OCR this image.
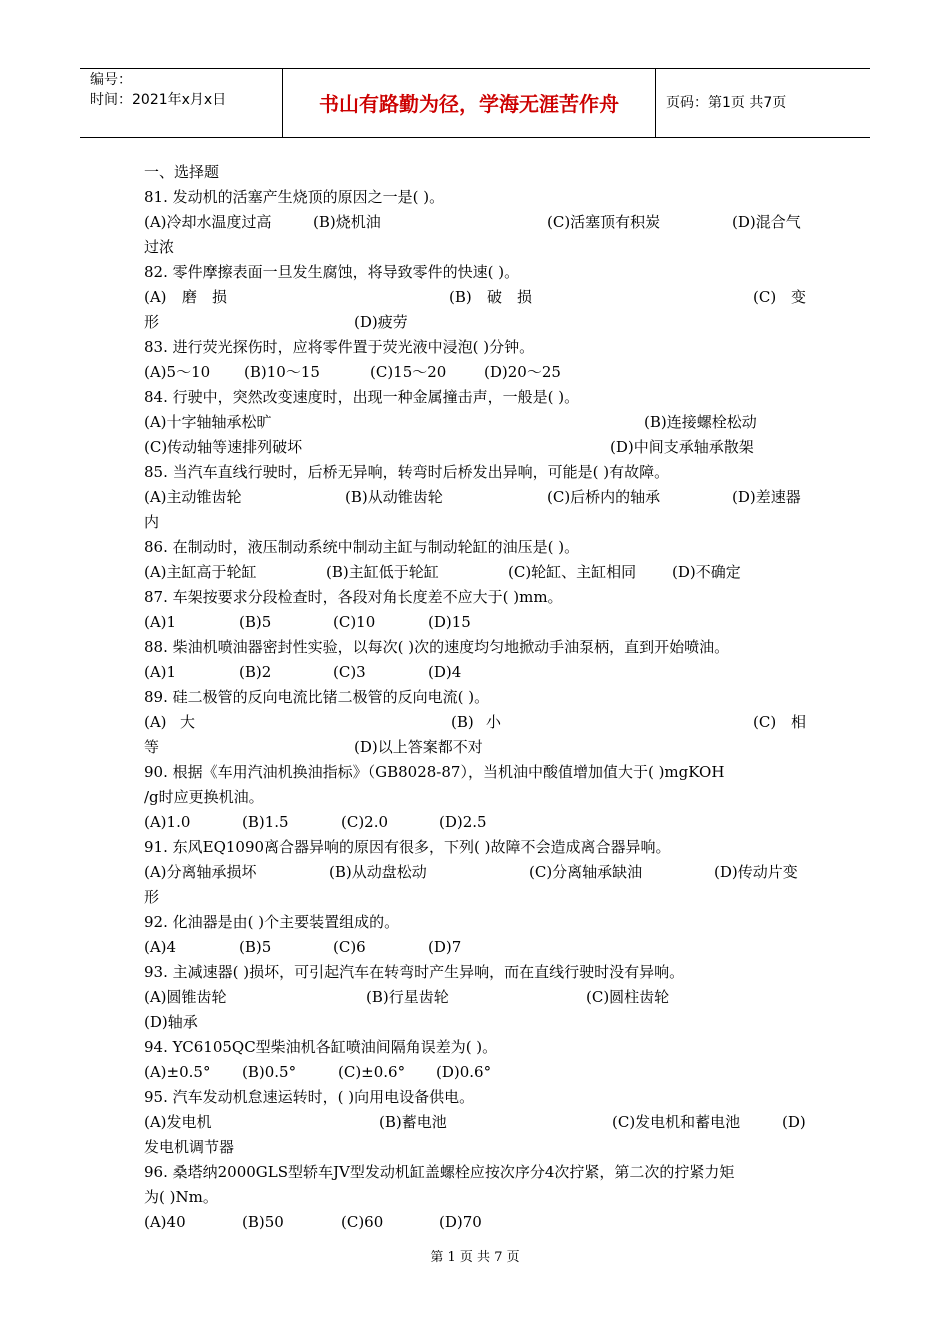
编号：
时间：2021年x月x日	书山有路勤为径，学海无涯苦作舟	页码：第1页 共7页
一、选择题
81. 发动机的活塞产生烧顶的原因之一是( )。
(A)冷却水温度过高	(B)烧机油	(C)活塞顶有积炭	(D)混合气
过浓
82. 零件摩擦表面一旦发生腐蚀，将导致零件的快速( )。
(A) 磨 损	(B) 破 损	(C) 变
形	(D)疲劳
83. 进行荧光探伤时，应将零件置于荧光液中浸泡( )分钟。
(A)5～10 (B)10～15	(C)15～20	(D)20～25
84. 行驶中，突然改变速度时，出现一种金属撞击声，一般是( )。
(A)十字轴轴承松旷	(B)连接螺栓松动
(C)传动轴等速排列破坏	(D)中间支承轴承散架
85. 当汽车直线行驶时，后桥无异响，转弯时后桥发出异响，可能是( )有故障。
(A)主动锥齿轮	(B)从动锥齿轮	(C)后桥内的轴承	(D)差速器
内
86. 在制动时，液压制动系统中制动主缸与制动轮缸的油压是( )。
(A)主缸高于轮缸	(B)主缸低于轮缸	(C)轮缸、主缸相同 (D)不确定
87. 车架按要求分段检查时，各段对角长度差不应大于( )mm。
(A)1	(B)5	(C)10	(D)15
88. 柴油机喷油器密封性实验，以每次( )次的速度均匀地掀动手油泵柄，直到开始喷油。
(A)1	(B)2	(C)3	(D)4
89. 硅二极管的反向电流比锗二极管的反向电流( )。
(A) 大	(B) 小	(C) 相
等	(D)以上答案都不对
90. 根据《车用汽油机换油指标》（GB8028-87），当机油中酸值增加值大于( )mgKOH
/g时应更换机油。
(A)1.0	(B)1.5	(C)2.0	(D)2.5
91. 东风EQ1090离合器异响的原因有很多，下列( )故障不会造成离合器异响。
(A)分离轴承损坏	(B)从动盘松动	(C)分离轴承缺油	(D)传动片变
形
92. 化油器是由( )个主要装置组成的。
(A)4	(B)5	(C)6	(D)7
93. 主减速器( )损坏，可引起汽车在转弯时产生异响，而在直线行驶时没有异响。
(A)圆锥齿轮	(B)行星齿轮	(C)圆柱齿轮
(D)轴承
94. YC6105QC型柴油机各缸喷油间隔角误差为( )。
(A)±0.5° (B)0.5°	(C)±0.6° (D)0.6°
95. 汽车发动机怠速运转时，( )向用电设备供电。
(A)发电机	(B)蓄电池	(C)发电机和蓄电池	(D)
发电机调节器
96. 桑塔纳2000GLS型轿车JV型发动机缸盖螺栓应按次序分4次拧紧，第二次的拧紧力矩
为( )Nm。
(A)40	(B)50	(C)60	(D)70
第 1 页 共 7 页
